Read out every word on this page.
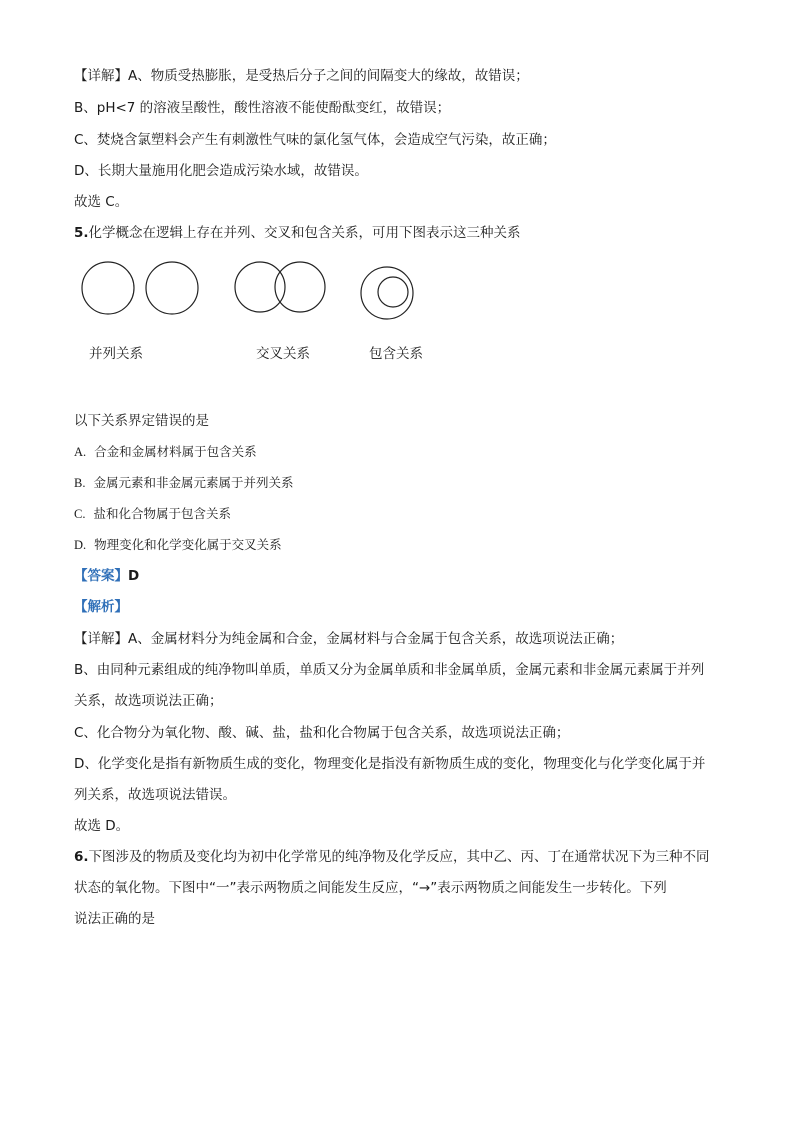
【详解】A、物质受热膨胀，是受热后分子之间的间隔变大的缘故，故错误；
B、pH<7 的溶液呈酸性，酸性溶液不能使酚酞变红，故错误；
C、焚烧含氯塑料会产生有刺激性气味的氯化氢气体，会造成空气污染，故正确；
D、长期大量施用化肥会造成污染水域，故错误。
故选 C。
5.化学概念在逻辑上存在并列、交叉和包含关系，可用下图表示这三种关系
并列关系	交叉关系	包含关系
以下关系界定错误的是
A. 合金和金属材料属于包含关系
B. 金属元素和非金属元素属于并列关系
C. 盐和化合物属于包含关系
D. 物理变化和化学变化属于交叉关系
【答案】D
【解析】
【详解】A、金属材料分为纯金属和合金，金属材料与合金属于包含关系，故选项说法正确；
B、由同种元素组成的纯净物叫单质，单质又分为金属单质和非金属单质，金属元素和非金属元素属于并列
关系，故选项说法正确；
C、化合物分为氧化物、酸、碱、盐，盐和化合物属于包含关系，故选项说法正确；
D、化学变化是指有新物质生成的变化，物理变化是指没有新物质生成的变化，物理变化与化学变化属于并
列关系，故选项说法错误。
故选 D。
6.下图涉及的物质及变化均为初中化学常见的纯净物及化学反应，其中乙、丙、丁在通常状况下为三种不同
状态的氧化物。下图中“一”表示两物质之间能发生反应，“→”表示两物质之间能发生一步转化。下列
说法正确的是
